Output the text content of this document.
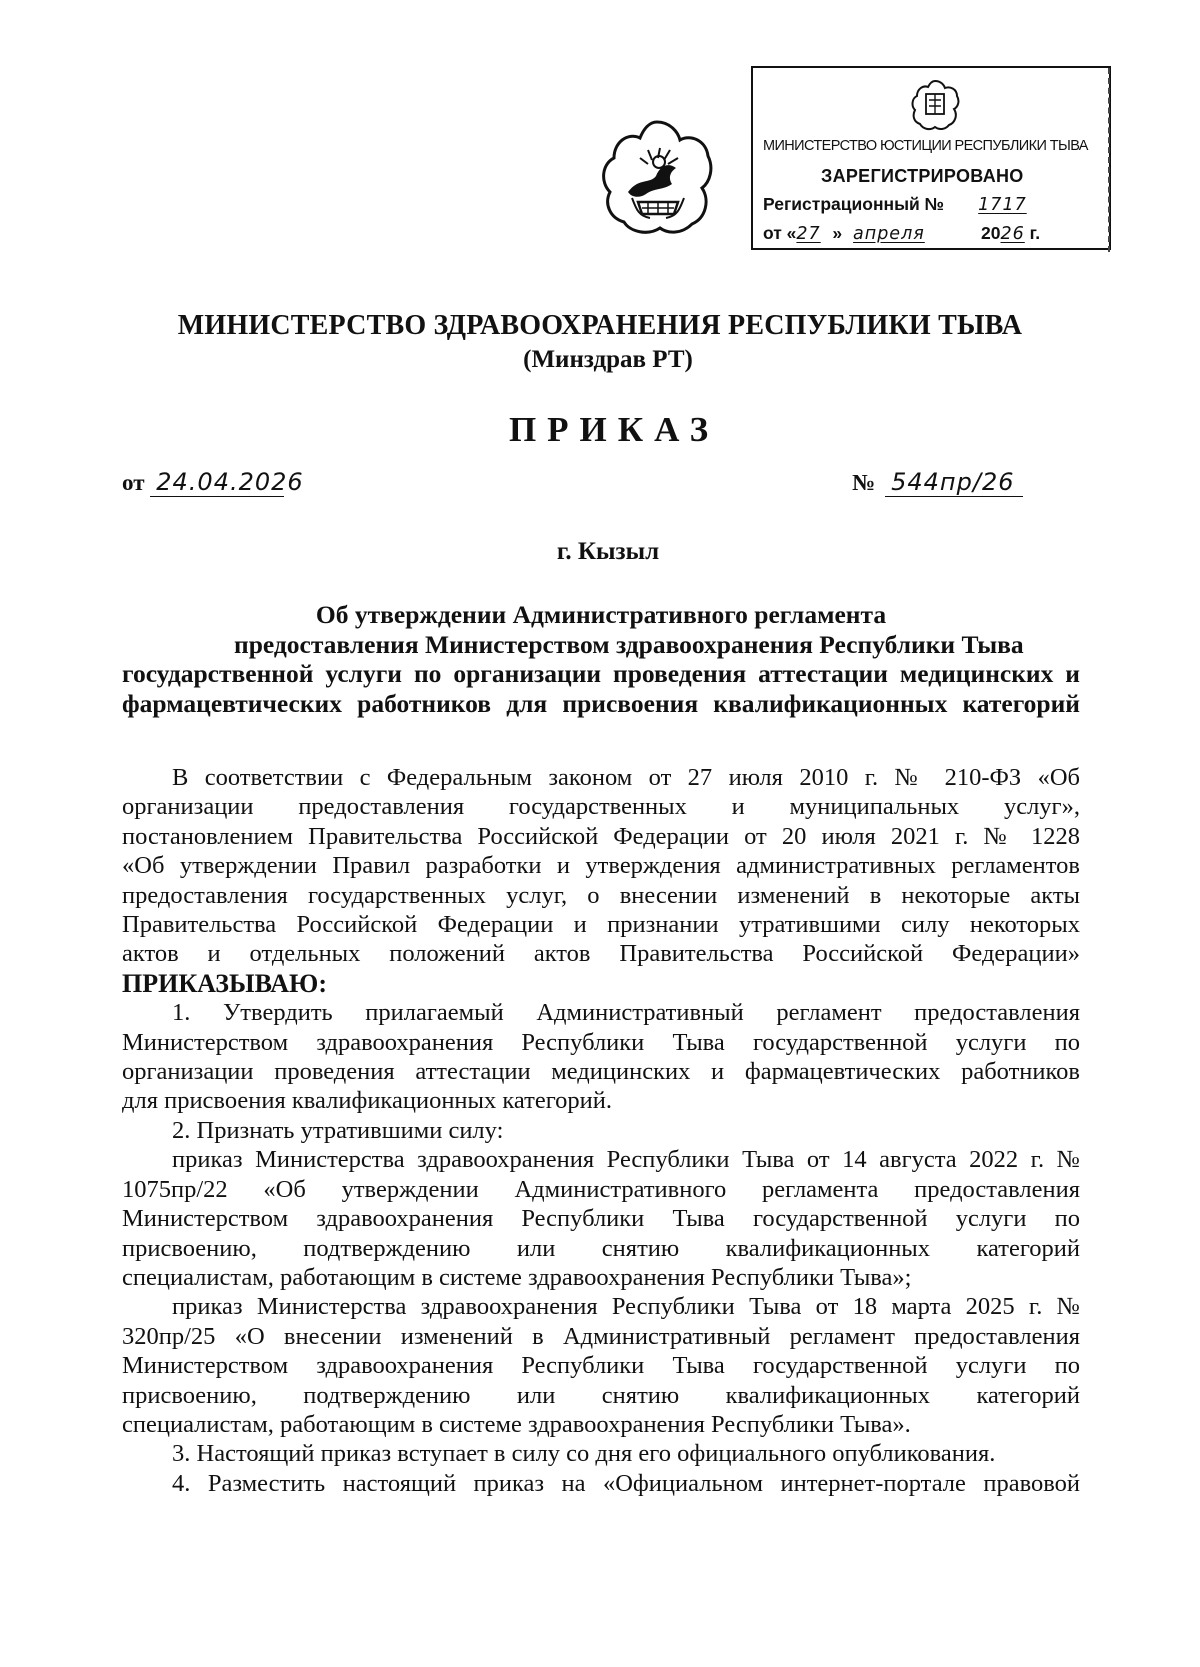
МИНИСТЕРСТВО ЮСТИЦИИ РЕСПУБЛИКИ ТЫВА
ЗАРЕГИСТРИРОВАНО
Регистрационный № 1717
от «27 » апреля	2026 г.
МИНИСТЕРСТВО ЗДРАВООХРАНЕНИЯ РЕСПУБЛИКИ ТЫВА
(Минздрав РТ)
ПРИКАЗ
от 24.04.2026	№ 544пр/26
г. Кызыл
Об утверждении Административного регламента
предоставления Министерством здравоохранения Республики Тыва
государственной услуги по организации проведения аттестации медицинских и
фармацевтических работников для присвоения квалификационных категорий
В соответствии с Федеральным законом от 27 июля 2010 г. № 210-ФЗ «Об
организации предоставления государственных и муниципальных услуг»,
постановлением Правительства Российской Федерации от 20 июля 2021 г. № 1228
«Об утверждении Правил разработки и утверждения административных регламентов
предоставления государственных услуг, о внесении изменений в некоторые акты
Правительства Российской Федерации и признании утратившими силу некоторых
актов и отдельных положений актов Правительства Российской Федерации»
ПРИКАЗЫВАЮ:
1. Утвердить прилагаемый Административный регламент предоставления
Министерством здравоохранения Республики Тыва государственной услуги по
организации проведения аттестации медицинских и фармацевтических работников
для присвоения квалификационных категорий.
2. Признать утратившими силу:
приказ Министерства здравоохранения Республики Тыва от 14 августа 2022 г. №
1075пр/22 «Об утверждении Административного регламента предоставления
Министерством здравоохранения Республики Тыва государственной услуги по
присвоению, подтверждению или снятию квалификационных категорий
специалистам, работающим в системе здравоохранения Республики Тыва»;
приказ Министерства здравоохранения Республики Тыва от 18 марта 2025 г. №
320пр/25 «О внесении изменений в Административный регламент предоставления
Министерством здравоохранения Республики Тыва государственной услуги по
присвоению, подтверждению или снятию квалификационных категорий
специалистам, работающим в системе здравоохранения Республики Тыва».
3. Настоящий приказ вступает в силу со дня его официального опубликования.
4. Разместить настоящий приказ на «Официальном интернет-портале правовой
